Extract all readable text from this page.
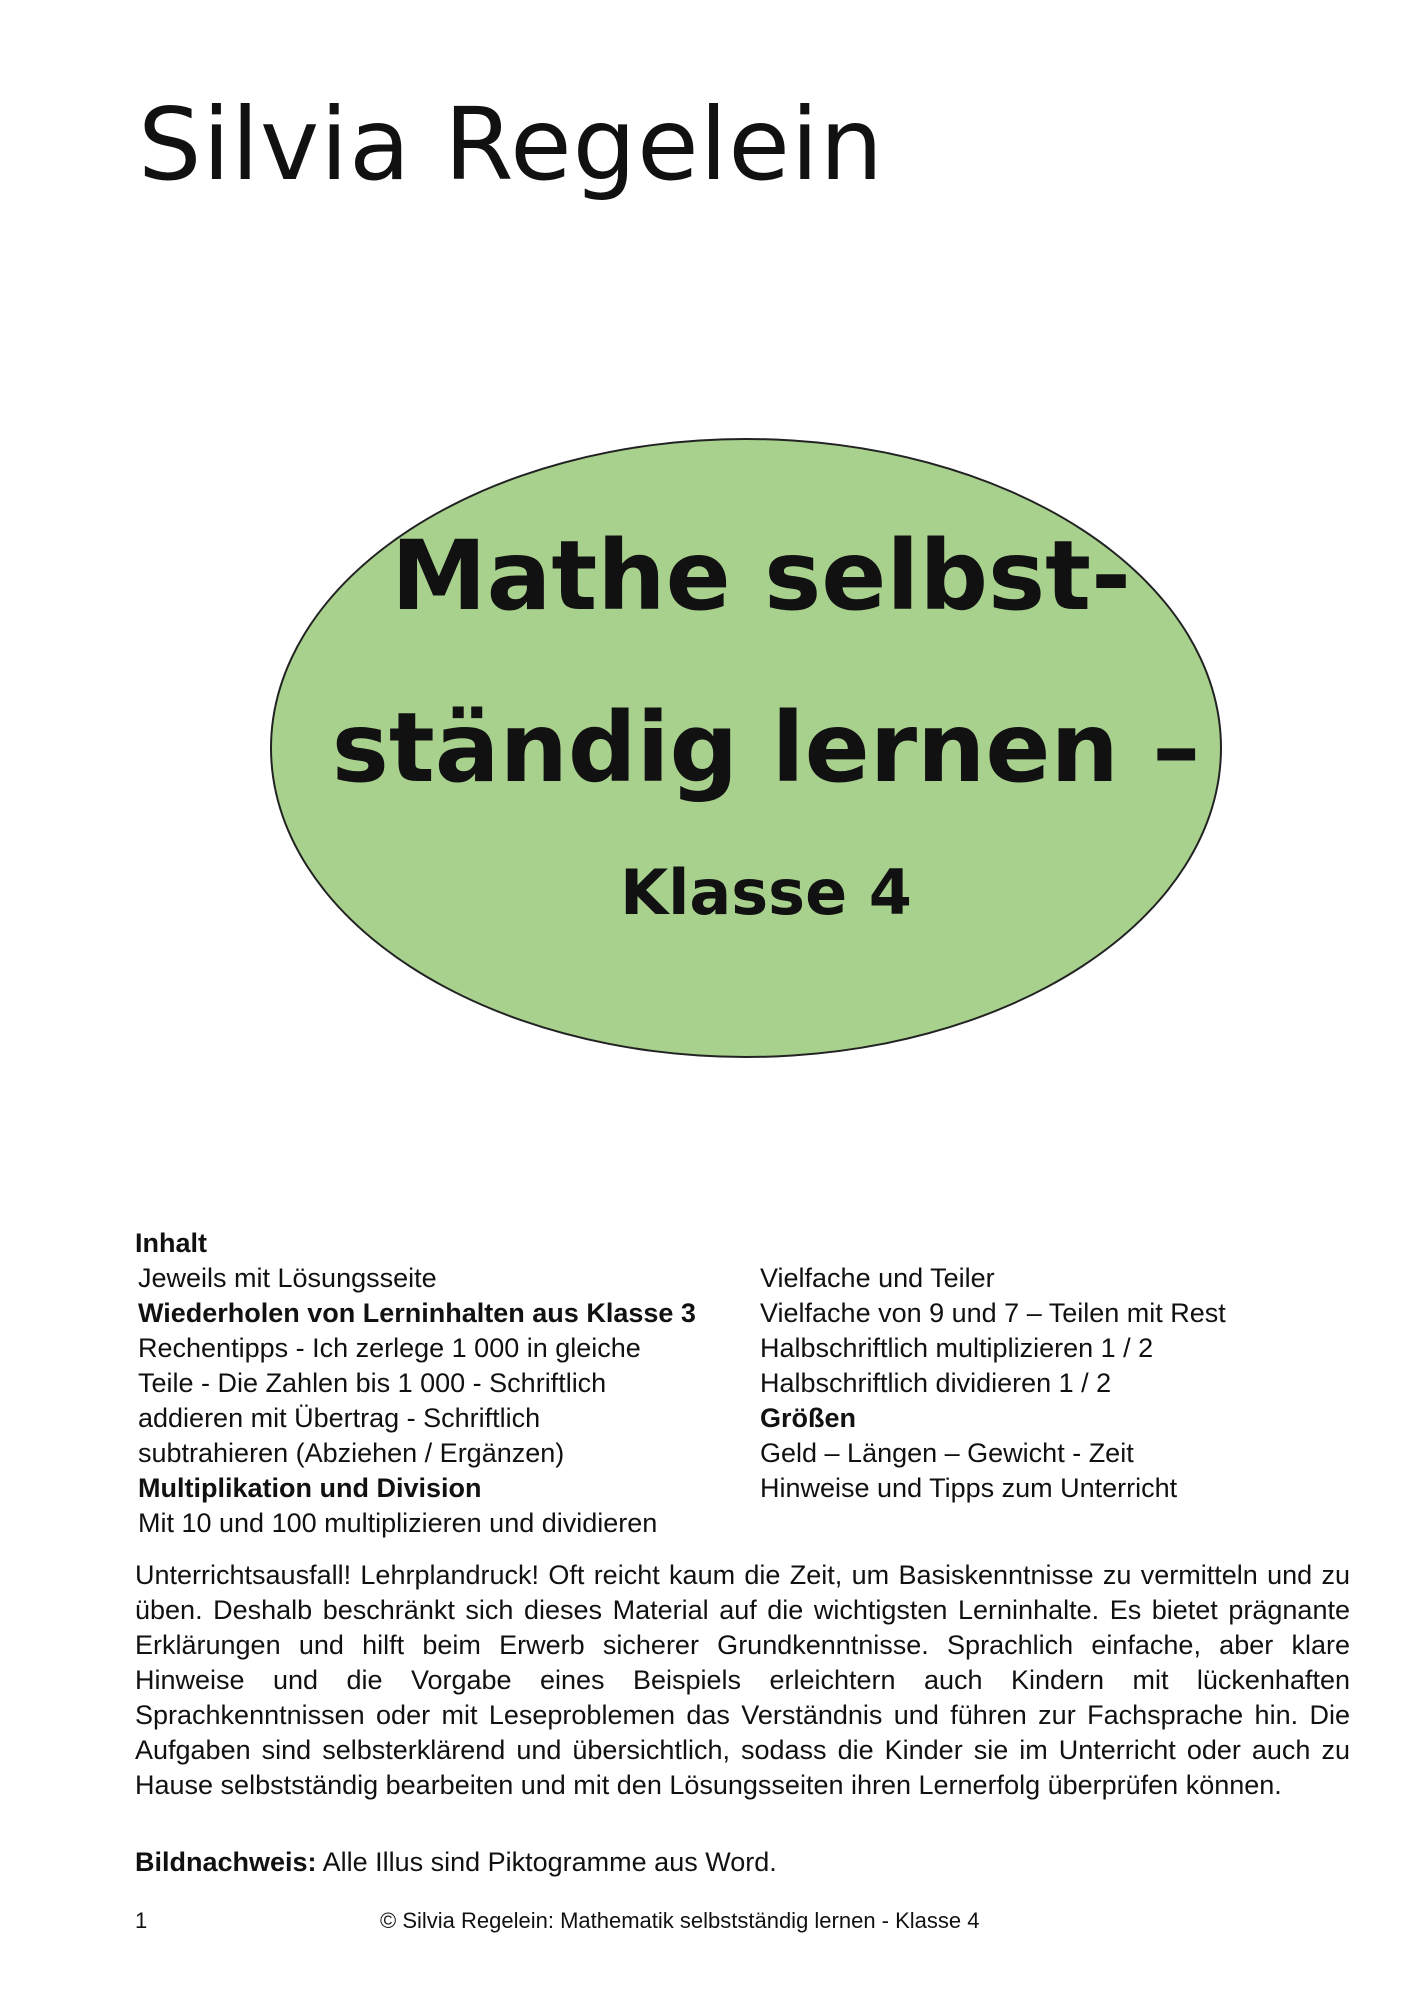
Silvia Regelein
Mathe selbst-
ständig lernen –
Klasse 4
Inhalt
Jeweils mit Lösungsseite
Wiederholen von Lerninhalten aus Klasse 3
Rechentipps - Ich zerlege 1 000 in gleiche
Teile - Die Zahlen bis 1 000 - Schriftlich
addieren mit Übertrag - Schriftlich
subtrahieren (Abziehen / Ergänzen)
Multiplikation und Division
Mit 10 und 100 multiplizieren und dividieren
Vielfache und Teiler
Vielfache von 9 und 7 – Teilen mit Rest
Halbschriftlich multiplizieren 1 / 2
Halbschriftlich dividieren 1 / 2
Größen
Geld – Längen – Gewicht - Zeit
Hinweise und Tipps zum Unterricht

Unterrichtsausfall! Lehrplandruck! Oft reicht kaum die Zeit, um Basiskenntnisse zu vermitteln und zu üben. Deshalb beschränkt sich dieses Material auf die wichtigsten Lerninhalte. Es bietet prägnante Erklärungen und hilft beim Erwerb sicherer Grundkenntnisse. Sprachlich einfache, aber klare Hinweise und die Vorgabe eines Beispiels erleichtern auch Kindern mit lückenhaften Sprachkenntnissen oder mit Leseproblemen das Verständnis und führen zur Fachsprache hin. Die Aufgaben sind selbsterklärend und übersichtlich, sodass die Kinder sie im Unterricht oder auch zu Hause selbstständig bearbeiten und mit den Lösungsseiten ihren Lernerfolg überprüfen können.

Bildnachweis: Alle Illus sind Piktogramme aus Word.

1	© Silvia Regelein: Mathematik selbstständig lernen - Klasse 4
